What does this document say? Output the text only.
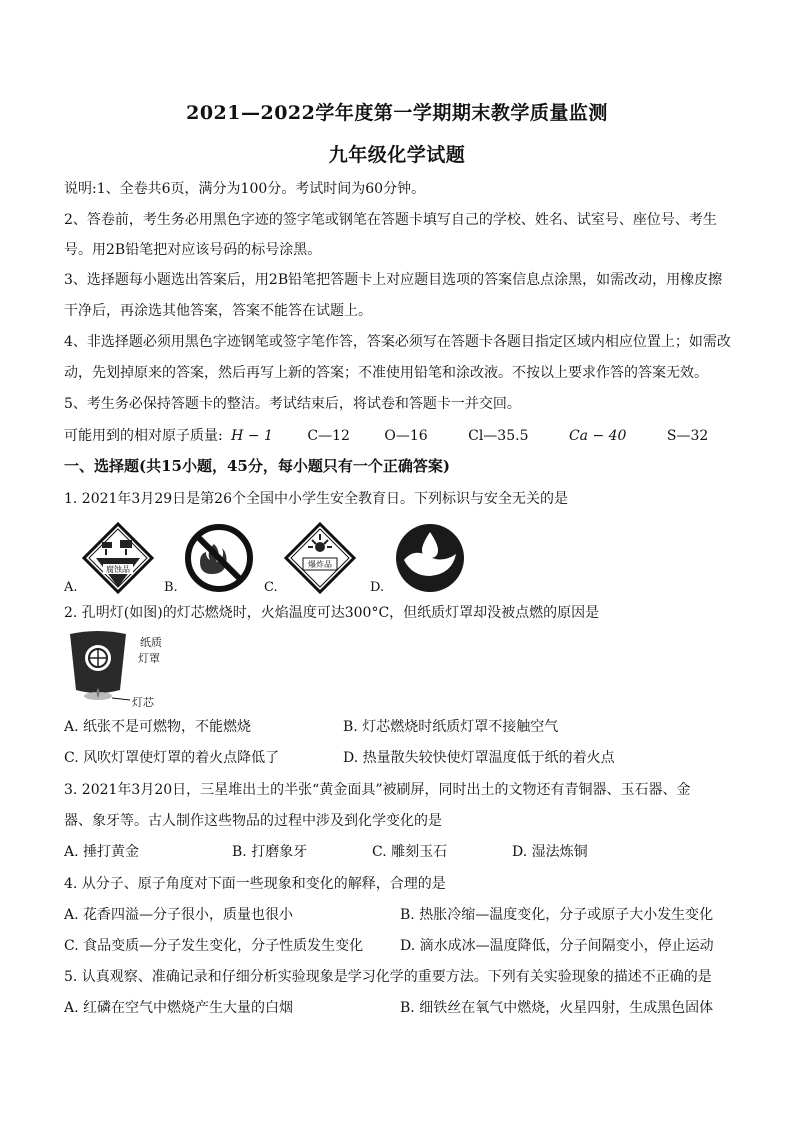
2021—2022学年度第一学期期末教学质量监测
九年级化学试题
说明:1、全卷共6页，满分为100分。考试时间为60分钟。
2、答卷前，考生务必用黑色字迹的签字笔或钢笔在答题卡填写自己的学校、姓名、试室号、座位号、考生
号。用2B铅笔把对应该号码的标号涂黑。
3、选择题每小题选出答案后，用2B铅笔把答题卡上对应题目选项的答案信息点涂黑，如需改动，用橡皮擦
干净后，再涂选其他答案，答案不能答在试题上。
4、非选择题必须用黑色字迹钢笔或签字笔作答，答案必须写在答题卡各题目指定区域内相应位置上；如需改
动，先划掉原来的答案，然后再写上新的答案；不准使用铅笔和涂改液。不按以上要求作答的答案无效。
5、考生务必保持答题卡的整洁。考试结束后，将试卷和答题卡一并交回。
可能用到的相对原子质量: H − 1 C—12 O—16	Cl—35.5	Ca − 40	S—32
一、选择题(共15小题，45分，每小题只有一个正确答案)
1. 2021年3月29日是第26个全国中小学生安全教育日。下列标识与安全无关的是
腐蚀品
A.	B.
爆炸品
C.	D.
2. 孔明灯(如图)的灯芯燃烧时，火焰温度可达300°C，但纸质灯罩却没被点燃的原因是
纸质
灯罩
灯芯
A. 纸张不是可燃物，不能燃烧	B. 灯芯燃烧时纸质灯罩不接触空气
C. 风吹灯罩使灯罩的着火点降低了	D. 热量散失较快使灯罩温度低于纸的着火点
3. 2021年3月20日，三星堆出土的半张“黄金面具”被刷屏，同时出土的文物还有青铜器、玉石器、金
器、象牙等。古人制作这些物品的过程中涉及到化学变化的是
A. 捶打黄金	B. 打磨象牙	C. 雕刻玉石	D. 湿法炼铜
4. 从分子、原子角度对下面一些现象和变化的解释，合理的是
A. 花香四溢—分子很小，质量也很小	B. 热胀冷缩—温度变化，分子或原子大小发生变化
C. 食品变质—分子发生变化，分子性质发生变化	D. 滴水成冰—温度降低，分子间隔变小，停止运动
5. 认真观察、准确记录和仔细分析实验现象是学习化学的重要方法。下列有关实验现象的描述不正确的是
A. 红磷在空气中燃烧产生大量的白烟	B. 细铁丝在氧气中燃烧，火星四射，生成黑色固体
